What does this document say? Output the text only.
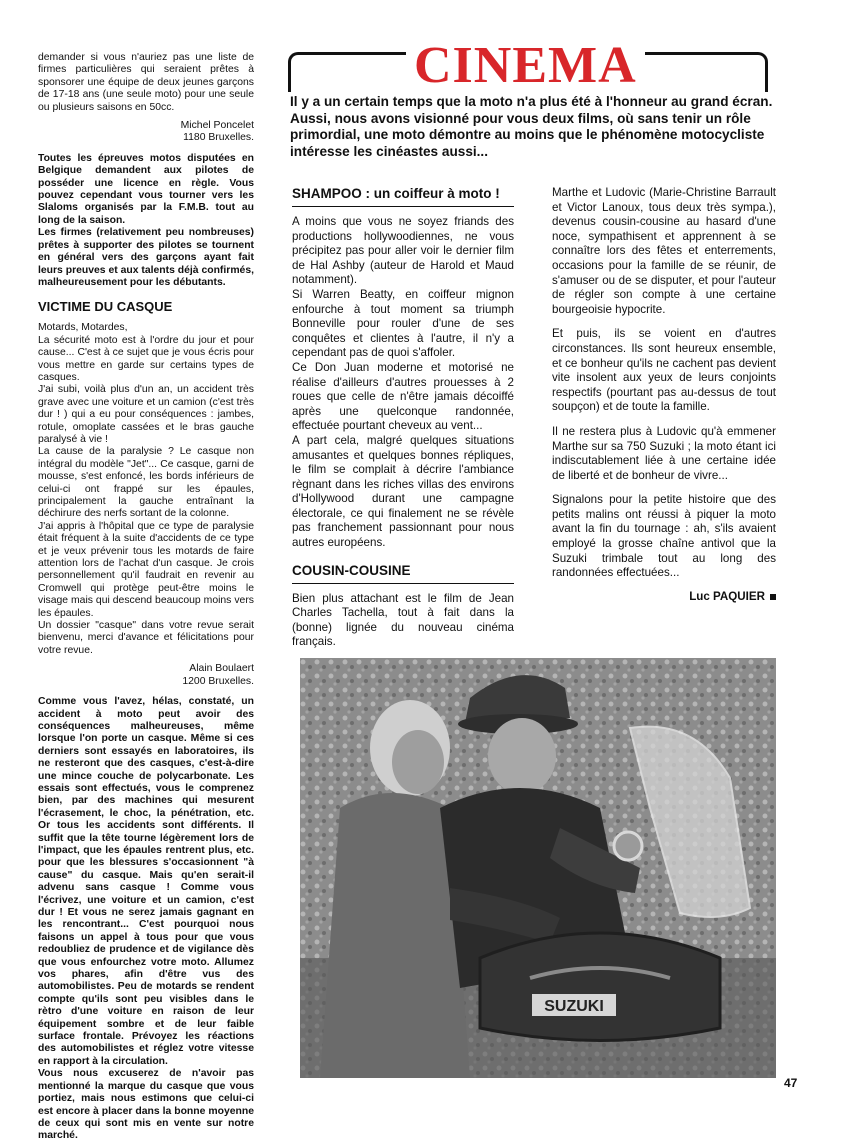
demander si vous n'auriez pas une liste de firmes particulières qui seraient prêtes à sponsorer une équipe de deux jeunes garçons de 17-18 ans (une seule moto) pour une seule ou plusieurs saisons en 50cc.

Michel Poncelet
1180 Bruxelles.

Toutes les épreuves motos disputées en Belgique demandent aux pilotes de posséder une licence en règle. Vous pouvez cependant vous tourner vers les Slaloms organisés par la F.M.B. tout au long de la saison.

Les firmes (relativement peu nombreuses) prêtes à supporter des pilotes se tournent en général vers des garçons ayant fait leurs preuves et aux talents déjà confirmés, malheureusement pour les débutants.

VICTIME DU CASQUE

Motards, Motardes,

La sécurité moto est à l'ordre du jour et pour cause... C'est à ce sujet que je vous écris pour vous mettre en garde sur certains types de casques.

J'ai subi, voilà plus d'un an, un accident très grave avec une voiture et un camion (c'est très dur ! ) qui a eu pour conséquences : jambes, rotule, omoplate cassées et le bras gauche paralysé à vie !

La cause de la paralysie ? Le casque non intégral du modèle "Jet"... Ce casque, garni de mousse, s'est enfoncé, les bords inférieurs de celui-ci ont frappé sur les épaules, principalement la gauche entraînant la déchirure des nerfs sortant de la colonne.

J'ai appris à l'hôpital que ce type de paralysie était fréquent à la suite d'accidents de ce type et je veux prévenir tous les motards de faire attention lors de l'achat d'un casque. Je crois personnellement qu'il faudrait en revenir au Cromwell qui protège peut-être moins le visage mais qui descend beaucoup moins vers les épaules.

Un dossier "casque" dans votre revue serait bienvenu, merci d'avance et félicitations pour votre revue.

Alain Boulaert
1200 Bruxelles.

Comme vous l'avez, hélas, constaté, un accident à moto peut avoir des conséquences malheureuses, même lorsque l'on porte un casque. Même si ces derniers sont essayés en laboratoires, ils ne resteront que des casques, c'est-à-dire une mince couche de polycarbonate. Les essais sont effectués, vous le comprenez bien, par des machines qui mesurent l'écrasement, le choc, la pénétration, etc. Or tous les accidents sont différents. Il suffit que la tête tourne légèrement lors de l'impact, que les épaules rentrent plus, etc. pour que les blessures s'occasionnent "à cause" du casque. Mais qu'en serait-il advenu sans casque ! Comme vous l'écrivez, une voiture et un camion, c'est dur ! Et vous ne serez jamais gagnant en les rencontrant... C'est pourquoi nous faisons un appel à tous pour que vous redoubliez de prudence et de vigilance dès que vous enfourchez votre moto. Allumez vos phares, afin d'être vus des automobilistes. Peu de motards se rendent compte qu'ils sont peu visibles dans le rètro d'une voiture en raison de leur équipement sombre et de leur faible surface frontale. Prévoyez les réactions des automobilistes et réglez votre vitesse en rapport à la circulation.

Vous nous excuserez de n'avoir pas mentionné la marque du casque que vous portiez, mais nous estimons que celui-ci est encore à placer dans la bonne moyenne de ceux qui sont mis en vente sur notre marché.

CINEMA

Il y a un certain temps que la moto n'a plus été à l'honneur au grand écran.

Aussi, nous avons visionné pour vous deux films, où sans tenir un rôle primordial, une moto démontre au moins que le phénomène motocycliste intéresse les cinéastes aussi...

SHAMPOO : un coiffeur à moto !

A moins que vous ne soyez friands des productions hollywoodiennes, ne vous précipitez pas pour aller voir le dernier film de Hal Ashby (auteur de Harold et Maud notamment).

Si Warren Beatty, en coiffeur mignon enfourche à tout moment sa triumph Bonneville pour rouler d'une de ses conquêtes et clientes à l'autre, il n'y a cependant pas de quoi s'affoler.

Ce Don Juan moderne et motorisé ne réalise d'ailleurs d'autres prouesses à 2 roues que celle de n'être jamais décoiffé après une quelconque randonnée, effectuée pourtant cheveux au vent...

A part cela, malgré quelques situations amusantes et quelques bonnes répliques, le film se complait à décrire l'ambiance règnant dans les riches villas des environs d'Hollywood durant une campagne électorale, ce qui finalement ne se révèle pas franchement passionnant pour nous autres européens.

COUSIN-COUSINE

Bien plus attachant est le film de Jean Charles Tachella, tout à fait dans la (bonne) lignée du nouveau cinéma français.

Marthe et Ludovic (Marie-Christine Barrault et Victor Lanoux, tous deux très sympa.), devenus cousin-cousine au hasard d'une noce, sympathisent et apprennent à se connaître lors des fêtes et enterrements, occasions pour la famille de se réunir, de s'amuser ou de se disputer, et pour l'auteur de régler son compte à une certaine bourgeoisie hypocrite.

Et puis, ils se voient en d'autres circonstances. Ils sont heureux ensemble, et ce bonheur qu'ils ne cachent pas devient vite insolent aux yeux de leurs conjoints respectifs (pourtant pas au-dessus de tout soupçon) et de toute la famille.

Il ne restera plus à Ludovic qu'à emmener Marthe sur sa 750 Suzuki ; la moto étant ici indiscutablement liée à une certaine idée de liberté et de bonheur de vivre...

Signalons pour la petite histoire que des petits malins ont réussi à piquer la moto avant la fin du tournage : ah, s'ils avaient employé la grosse chaîne antivol que la Suzuki trimbale tout au long des randonnées effectuées...

Luc PAQUIER
SUZUKI
47
